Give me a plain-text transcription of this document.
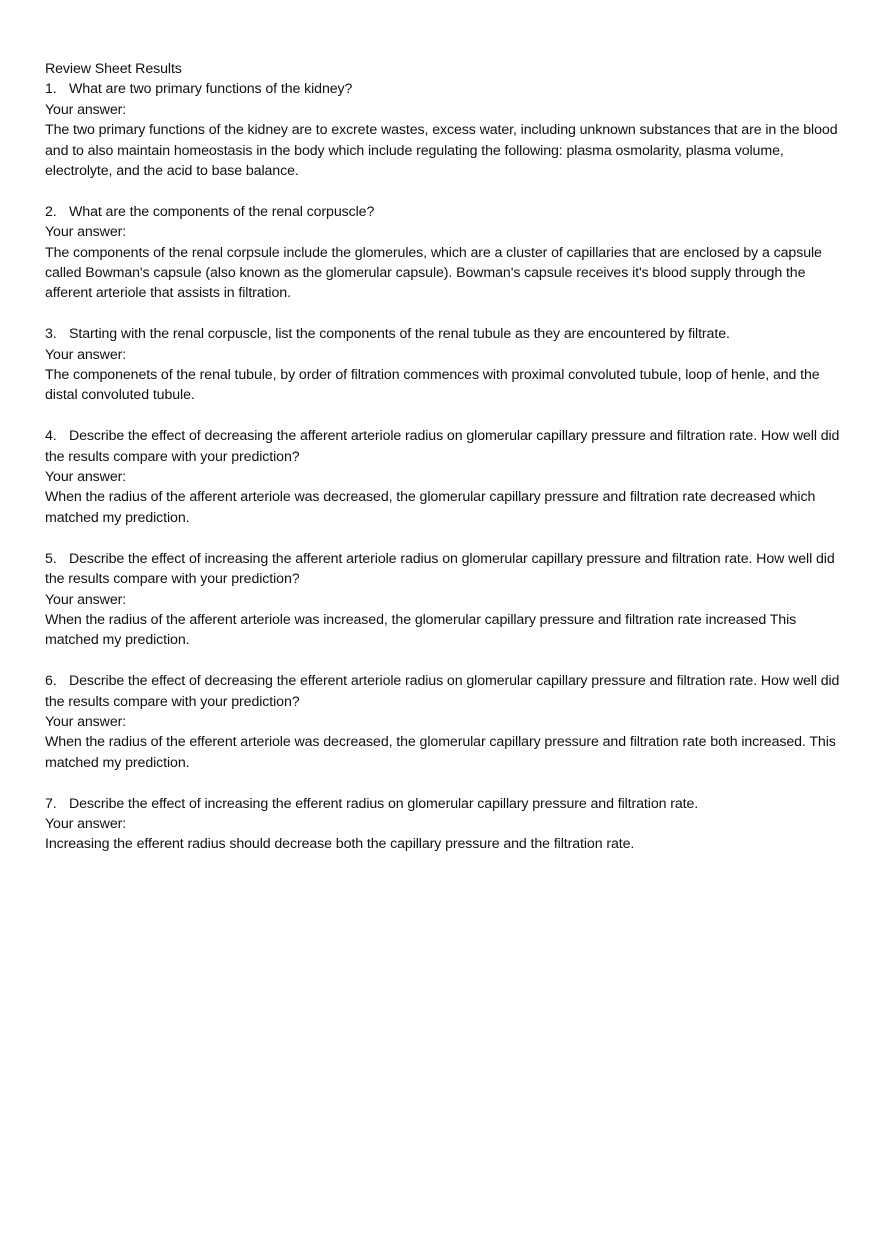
Review Sheet Results

1. What are two primary functions of the kidney?

Your answer:

The two primary functions of the kidney are to excrete wastes, excess water, including unknown substances that are in the blood and to also maintain homeostasis in the body which include regulating the following: plasma osmolarity, plasma volume, electrolyte, and the acid to base balance.

2. What are the components of the renal corpuscle?

Your answer:

The components of the renal corpsule include the glomerules, which are a cluster of capillaries that are enclosed by a capsule called Bowman's capsule (also known as the glomerular capsule). Bowman's capsule receives it's blood supply through the afferent arteriole that assists in filtration.

3. Starting with the renal corpuscle, list the components of the renal tubule as they are encountered by filtrate.

Your answer:

The componenets of the renal tubule, by order of filtration commences with proximal convoluted tubule, loop of henle, and the distal convoluted tubule.

4. Describe the effect of decreasing the afferent arteriole radius on glomerular capillary pressure and filtration rate. How well did the results compare with your prediction?

Your answer:

When the radius of the afferent arteriole was decreased, the glomerular capillary pressure and filtration rate decreased which matched my prediction.

5. Describe the effect of increasing the afferent arteriole radius on glomerular capillary pressure and filtration rate. How well did the results compare with your prediction?

Your answer:

When the radius of the afferent arteriole was increased, the glomerular capillary pressure and filtration rate increased This matched my prediction.

6. Describe the effect of decreasing the efferent arteriole radius on glomerular capillary pressure and filtration rate. How well did the results compare with your prediction?

Your answer:

When the radius of the efferent arteriole was decreased, the glomerular capillary pressure and filtration rate both increased. This matched my prediction.

7. Describe the effect of increasing the efferent radius on glomerular capillary pressure and filtration rate.

Your answer:

Increasing the efferent radius should decrease both the capillary pressure and the filtration rate.
